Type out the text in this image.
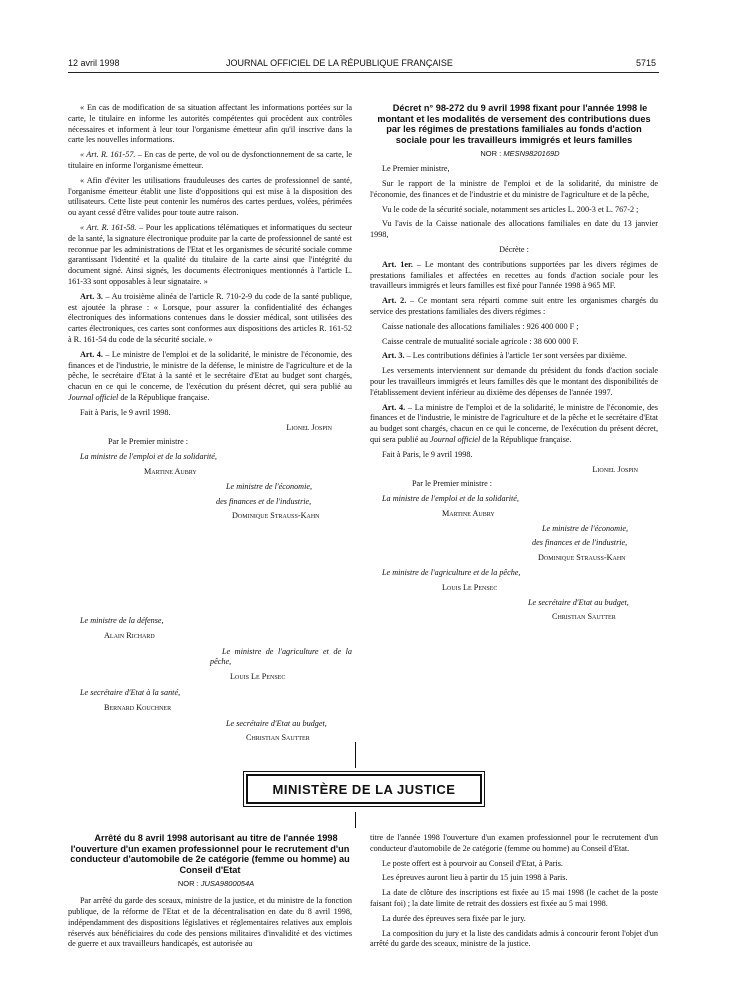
12 avril 1998	JOURNAL OFFICIEL DE LA RÉPUBLIQUE FRANÇAISE	5715

« En cas de modification de sa situation affectant les informations portées sur la carte, le titulaire en informe les autorités compétentes qui procèdent aux contrôles nécessaires et informent à leur tour l'organisme émetteur afin qu'il inscrive dans la carte les nouvelles informations.

« Art. R. 161-57. – En cas de perte, de vol ou de dysfonctionnement de sa carte, le titulaire en informe l'organisme émetteur.

« Afin d'éviter les utilisations frauduleuses des cartes de professionnel de santé, l'organisme émetteur établit une liste d'oppositions qui est mise à la disposition des utilisateurs. Cette liste peut contenir les numéros des cartes perdues, volées, périmées ou ayant cessé d'être valides pour toute autre raison.

« Art. R. 161-58. – Pour les applications télématiques et informatiques du secteur de la santé, la signature électronique produite par la carte de professionnel de santé est reconnue par les administrations de l'Etat et les organismes de sécurité sociale comme garantissant l'identité et la qualité du titulaire de la carte ainsi que l'intégrité du document signé. Ainsi signés, les documents électroniques mentionnés à l'article L. 161-33 sont opposables à leur signataire. »

Art. 3. – Au troisième alinéa de l'article R. 710-2-9 du code de la santé publique, est ajoutée la phrase : « Lorsque, pour assurer la confidentialité des échanges électroniques des informations contenues dans le dossier médical, sont utilisées des cartes électroniques, ces cartes sont conformes aux dispositions des articles R. 161-52 à R. 161-54 du code de la sécurité sociale. »

Art. 4. – Le ministre de l'emploi et de la solidarité, le ministre de l'économie, des finances et de l'industrie, le ministre de la défense, le ministre de l'agriculture et de la pêche, le secrétaire d'Etat à la santé et le secrétaire d'Etat au budget sont chargés, chacun en ce qui le concerne, de l'exécution du présent décret, qui sera publié au Journal officiel de la République française.

Fait à Paris, le 9 avril 1998.

Lionel Jospin

Par le Premier ministre :

La ministre de l'emploi et de la solidarité,

Martine Aubry

Le ministre de l'économie,

des finances et de l'industrie,

Dominique Strauss-Kahn

Le ministre de la défense,

Alain Richard

Le ministre de l'agriculture et de la pêche,

Louis Le Pensec

Le secrétaire d'Etat à la santé,

Bernard Kouchner

Le secrétaire d'Etat au budget,

Christian Sautter

Décret n° 98-272 du 9 avril 1998 fixant pour l'année 1998 le montant et les modalités de versement des contributions dues par les régimes de prestations familiales au fonds d'action sociale pour les travailleurs immigrés et leurs familles

NOR : MESN9820169D

Le Premier ministre,

Sur le rapport de la ministre de l'emploi et de la solidarité, du ministre de l'économie, des finances et de l'industrie et du ministre de l'agriculture et de la pêche,

Vu le code de la sécurité sociale, notamment ses articles L. 200-3 et L. 767-2 ;

Vu l'avis de la Caisse nationale des allocations familiales en date du 13 janvier 1998,

Décrète :

Art. 1er. – Le montant des contributions supportées par les divers régimes de prestations familiales et affectées en recettes au fonds d'action sociale pour les travailleurs immigrés et leurs familles est fixé pour l'année 1998 à 965 MF.

Art. 2. – Ce montant sera réparti comme suit entre les organismes chargés du service des prestations familiales des divers régimes :

Caisse nationale des allocations familiales : 926 400 000 F ;

Caisse centrale de mutualité sociale agricole : 38 600 000 F.

Art. 3. – Les contributions définies à l'article 1er sont versées par dixième.

Les versements interviennent sur demande du président du fonds d'action sociale pour les travailleurs immigrés et leurs familles dès que le montant des disponibilités de l'établissement devient inférieur au dixième des dépenses de l'année 1997.

Art. 4. – La ministre de l'emploi et de la solidarité, le ministre de l'économie, des finances et de l'industrie, le ministre de l'agriculture et de la pêche et le secrétaire d'Etat au budget sont chargés, chacun en ce qui le concerne, de l'exécution du présent décret, qui sera publié au Journal officiel de la République française.

Fait à Paris, le 9 avril 1998.

Lionel Jospin

Par le Premier ministre :

La ministre de l'emploi et de la solidarité,

Martine Aubry

Le ministre de l'économie,

des finances et de l'industrie,

Dominique Strauss-Kahn

Le ministre de l'agriculture et de la pêche,

Louis Le Pensec

Le secrétaire d'Etat au budget,

Christian Sautter

MINISTÈRE DE LA JUSTICE

Arrêté du 8 avril 1998 autorisant au titre de l'année 1998 l'ouverture d'un examen professionnel pour le recrutement d'un conducteur d'automobile de 2e catégorie (femme ou homme) au Conseil d'Etat

NOR : JUSA9800054A

Par arrêté du garde des sceaux, ministre de la justice, et du ministre de la fonction publique, de la réforme de l'Etat et de la décentralisation en date du 8 avril 1998, indépendamment des dispositions législatives et réglementaires relatives aux emplois réservés aux bénéficiaires du code des pensions militaires d'invalidité et des victimes de guerre et aux travailleurs handicapés, est autorisée au

titre de l'année 1998 l'ouverture d'un examen professionnel pour le recrutement d'un conducteur d'automobile de 2e catégorie (femme ou homme) au Conseil d'Etat.

Le poste offert est à pourvoir au Conseil d'Etat, à Paris.

Les épreuves auront lieu à partir du 15 juin 1998 à Paris.

La date de clôture des inscriptions est fixée au 15 mai 1998 (le cachet de la poste faisant foi) ; la date limite de retrait des dossiers est fixée au 5 mai 1998.

La durée des épreuves sera fixée par le jury.

La composition du jury et la liste des candidats admis à concourir feront l'objet d'un arrêté du garde des sceaux, ministre de la justice.
